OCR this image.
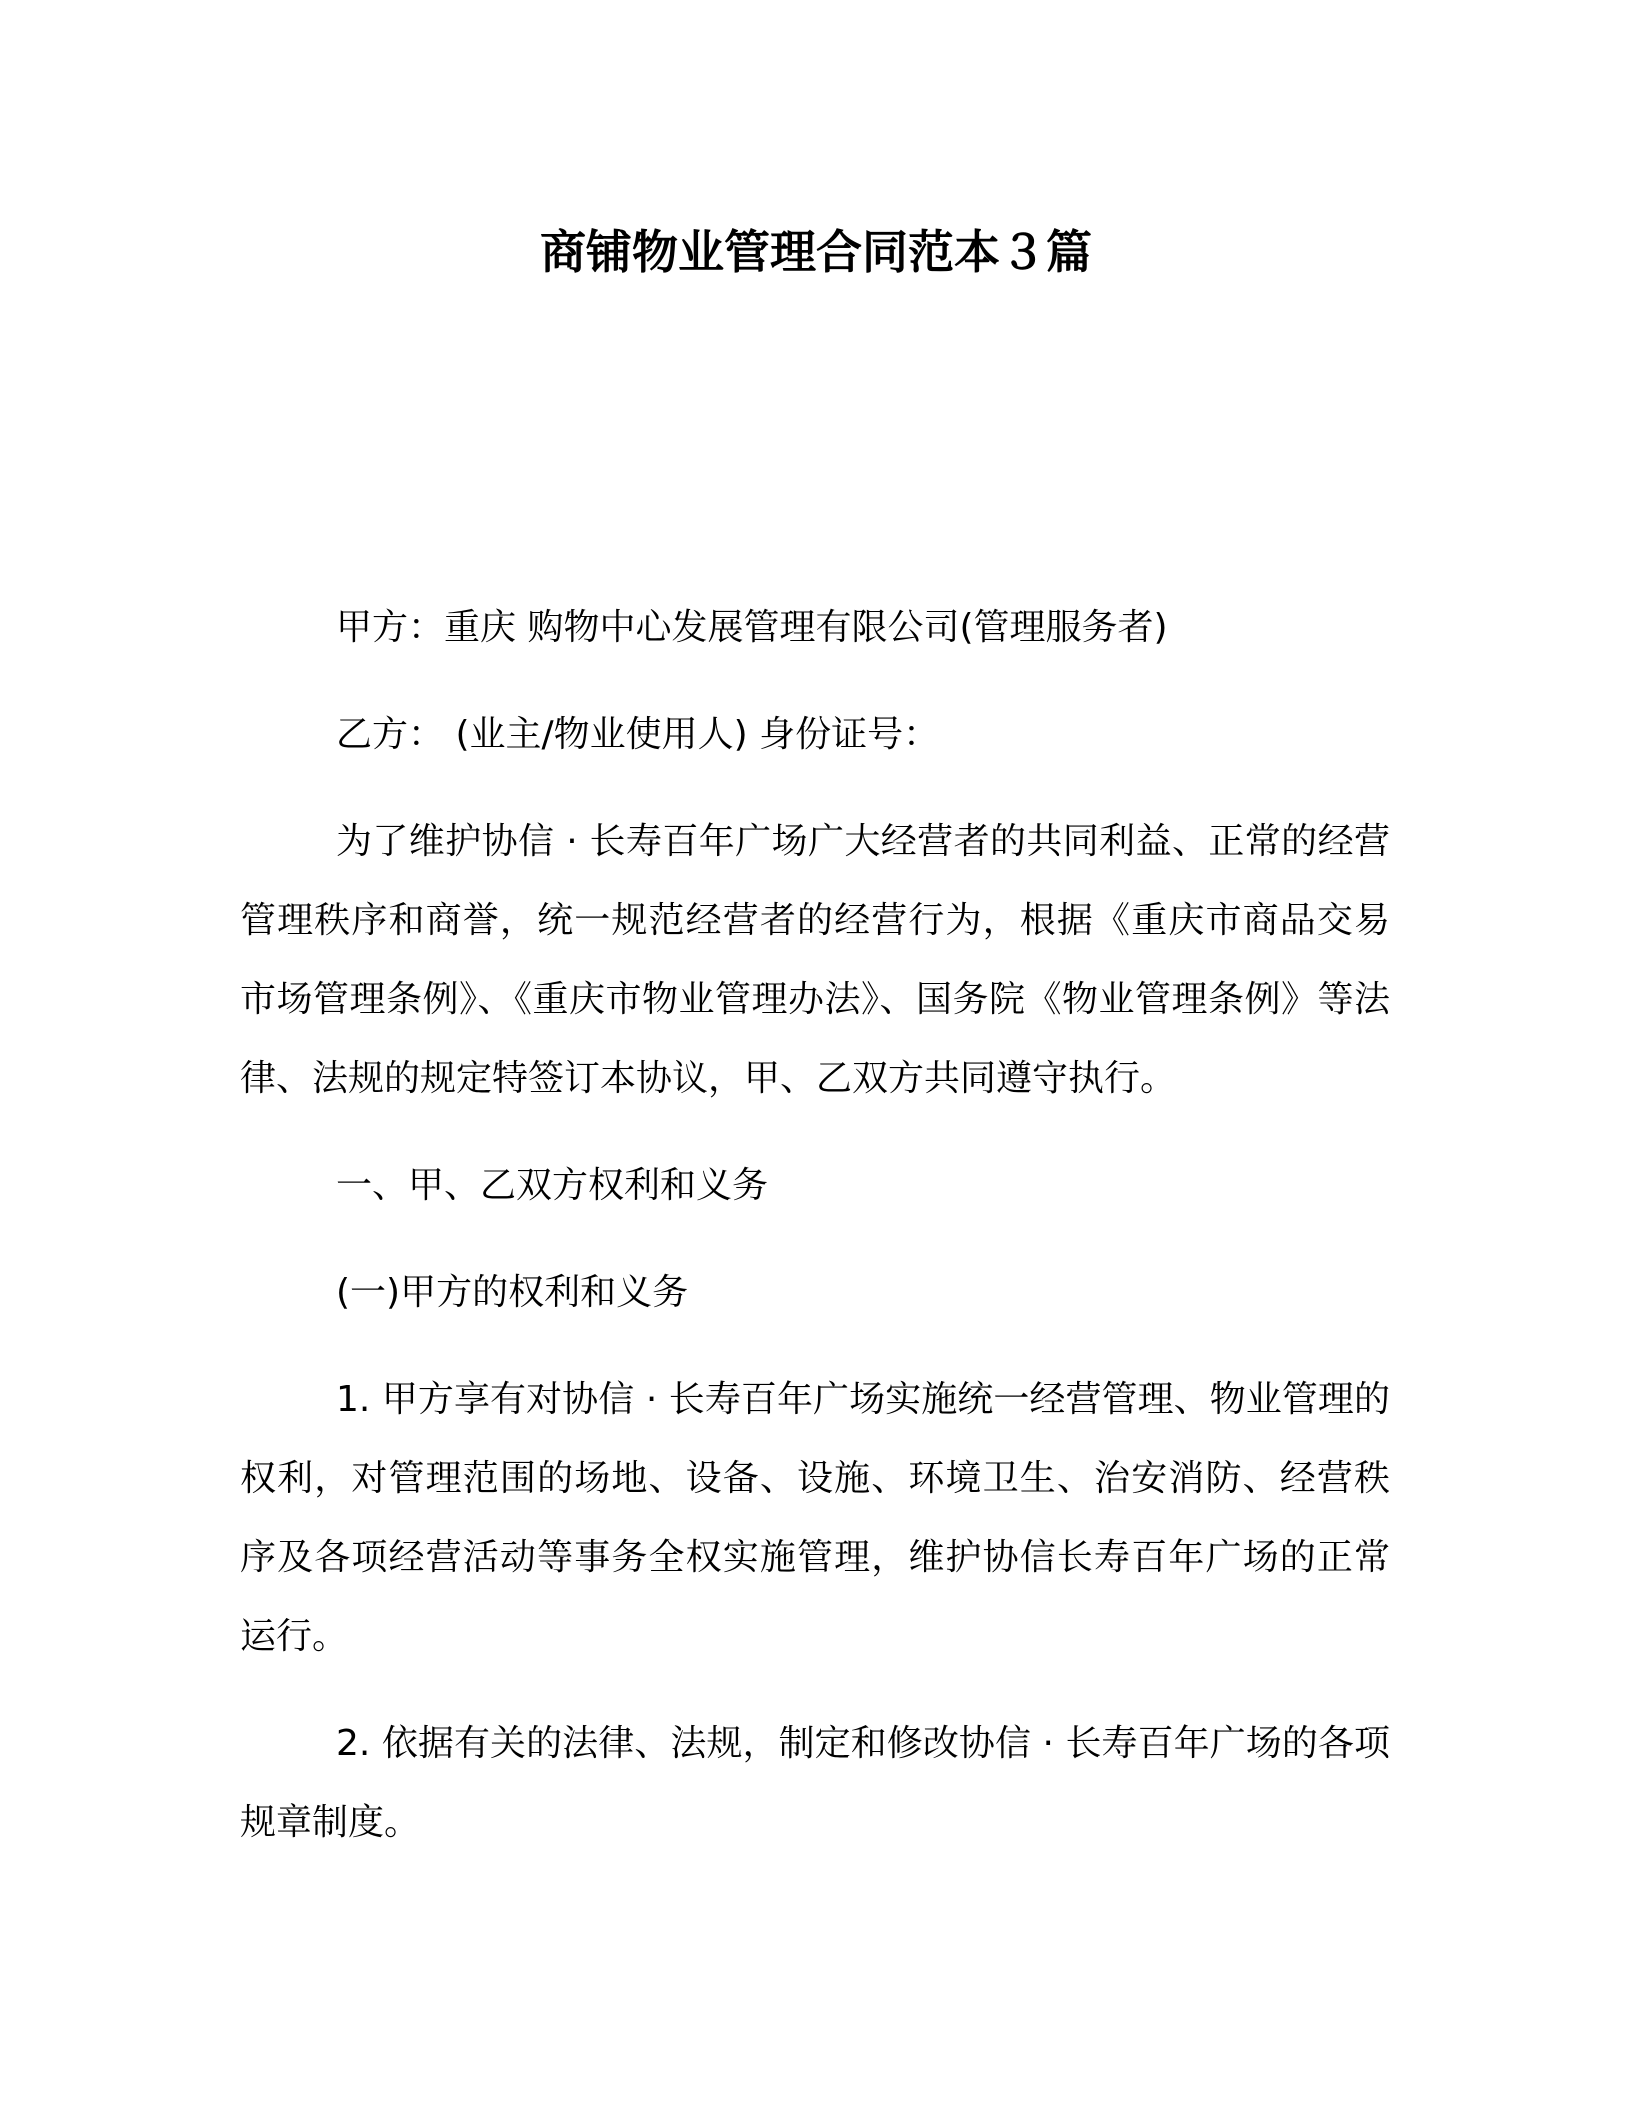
商铺物业管理合同范本３篇

甲方：重庆 购物中心发展管理有限公司(管理服务者)

乙方： (业主/物业使用人) 身份证号：

为了维护协信 · 长寿百年广场广大经营者的共同利益、正常的经营管理秩序和商誉，统一规范经营者的经营行为，根据《重庆市商品交易市场管理条例》、《重庆市物业管理办法》、国务院《物业管理条例》等法律、法规的规定特签订本协议，甲、乙双方共同遵守执行。

一、甲、乙双方权利和义务

(一)甲方的权利和义务

1. 甲方享有对协信 · 长寿百年广场实施统一经营管理、物业管理的权利，对管理范围的场地、设备、设施、环境卫生、治安消防、经营秩序及各项经营活动等事务全权实施管理，维护协信长寿百年广场的正常运行。

2. 依据有关的法律、法规，制定和修改协信 · 长寿百年广场的各项规章制度。
